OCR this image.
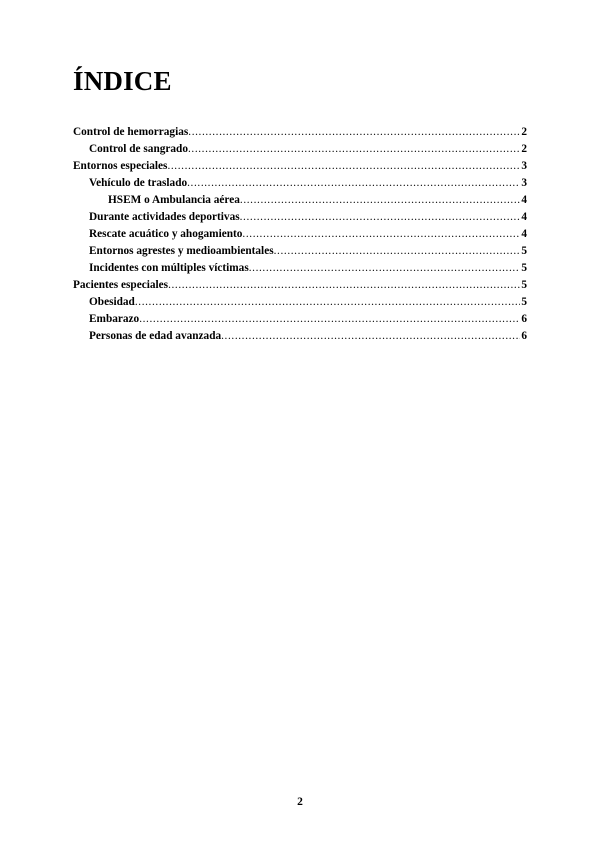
ÍNDICE
Control de hemorragias .....	2
Control de sangrado .....	2
Entornos especiales .....	3
Vehículo de traslado .....	3
HSEM o Ambulancia aérea .....	4
Durante actividades deportivas .....	4
Rescate acuático y ahogamiento .....	4
Entornos agrestes y medioambientales .....	5
Incidentes con múltiples víctimas .....	5
Pacientes especiales .....	5
Obesidad .....	5
Embarazo .....	6
Personas de edad avanzada .....	6
2
